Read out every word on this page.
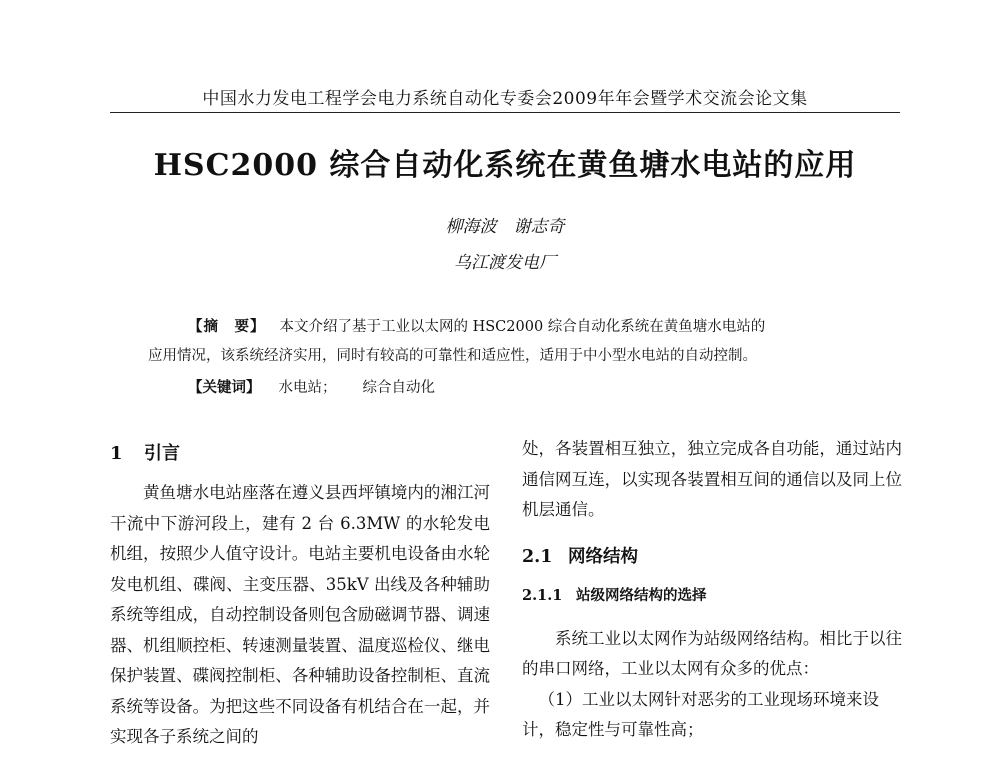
中国水力发电工程学会电力系统自动化专委会2009年年会暨学术交流会论文集
HSC2000 综合自动化系统在黄鱼塘水电站的应用
柳海波　谢志奇
乌江渡发电厂
【摘　要】 本文介绍了基于工业以太网的 HSC2000 综合自动化系统在黄鱼塘水电站的
应用情况，该系统经济实用，同时有较高的可靠性和适应性，适用于中小型水电站的自动控制。
【关键词】 水电站； 综合自动化
1 引言

黄鱼塘水电站座落在遵义县西坪镇境内的湘江河干流中下游河段上，建有 2 台 6.3MW 的水轮发电机组，按照少人值守设计。电站主要机电设备由水轮发电机组、碟阀、主变压器、35kV 出线及各种辅助系统等组成，自动控制设备则包含励磁调节器、调速器、机组顺控柜、转速测量装置、温度巡检仪、继电保护装置、碟阀控制柜、各种辅助设备控制柜、直流系统等设备。为把这些不同设备有机结合在一起，并实现各子系统之间的

处，各装置相互独立，独立完成各自功能，通过站内通信网互连，以实现各装置相互间的通信以及同上位机层通信。

2.1 网络结构
2.1.1 站级网络结构的选择

系统工业以太网作为站级网络结构。相比于以往的串口网络，工业以太网有众多的优点：

（1）工业以太网针对恶劣的工业现场环境来设计，稳定性与可靠性高；
